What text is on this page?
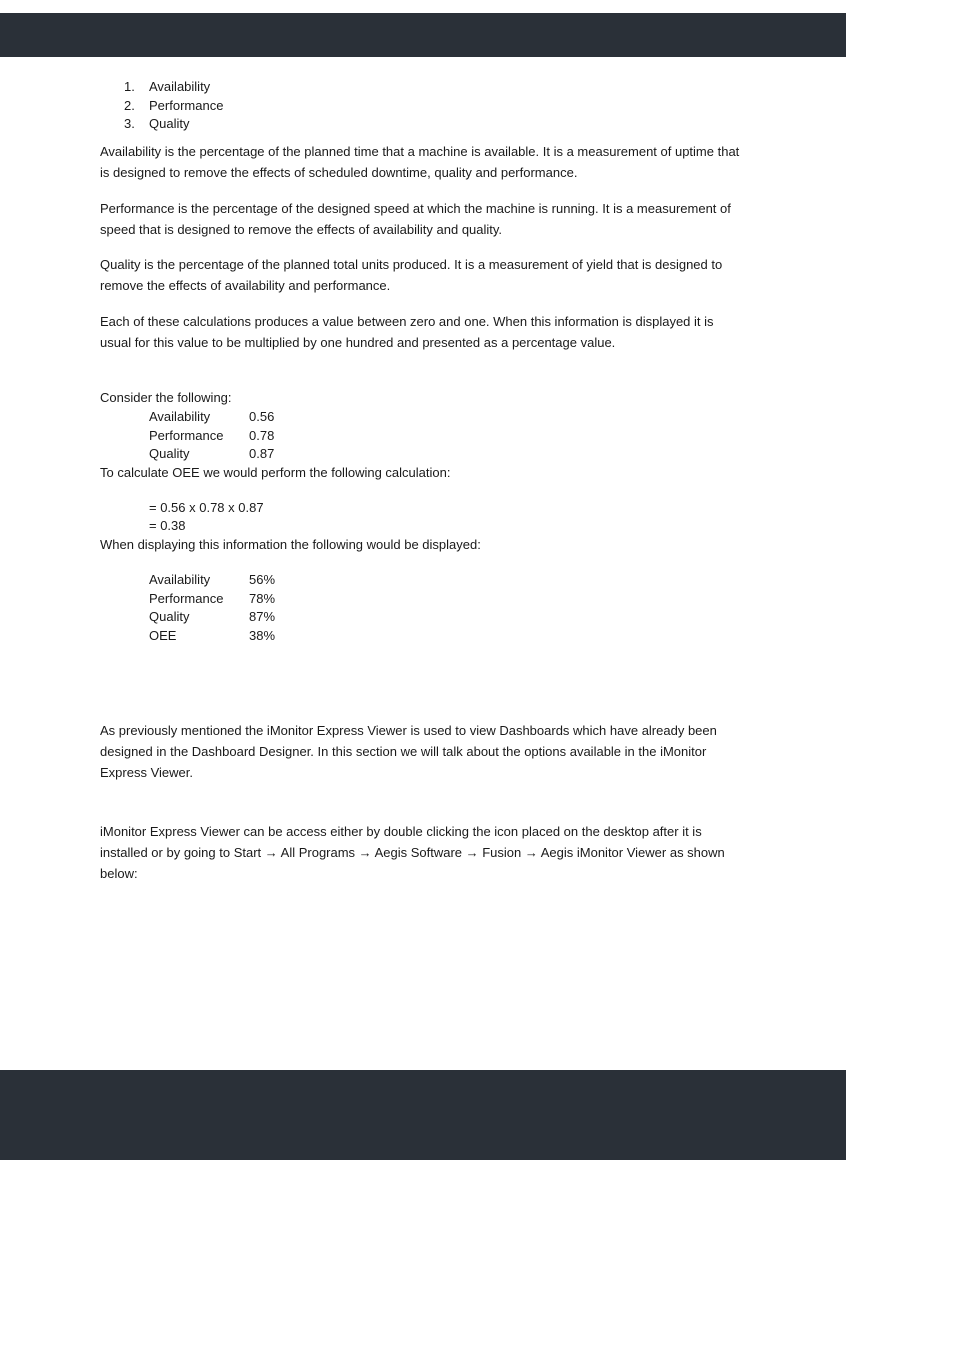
1.	Availability
2.	Performance
3.	Quality

Availability is the percentage of the planned time that a machine is available. It is a measurement of uptime that is designed to remove the effects of scheduled downtime, quality and performance.

Performance is the percentage of the designed speed at which the machine is running. It is a measurement of speed that is designed to remove the effects of availability and quality.

Quality is the percentage of the planned total units produced. It is a measurement of yield that is designed to remove the effects of availability and performance.

Each of these calculations produces a value between zero and one. When this information is displayed it is usual for this value to be multiplied by one hundred and presented as a percentage value.

Consider the following:
Availability	0.56
Performance	0.78
Quality	0.87
To calculate OEE we would perform the following calculation:
= 0.56 x 0.78 x 0.87
= 0.38
When displaying this information the following would be displayed:
Availability	56%
Performance	78%
Quality	87%
OEE	38%

As previously mentioned the iMonitor Express Viewer is used to view Dashboards which have already been designed in the Dashboard Designer. In this section we will talk about the options available in the iMonitor Express Viewer.

iMonitor Express Viewer can be access either by double clicking the icon placed on the desktop after it is installed or by going to Start → All Programs → Aegis Software → Fusion → Aegis iMonitor Viewer as shown below:
